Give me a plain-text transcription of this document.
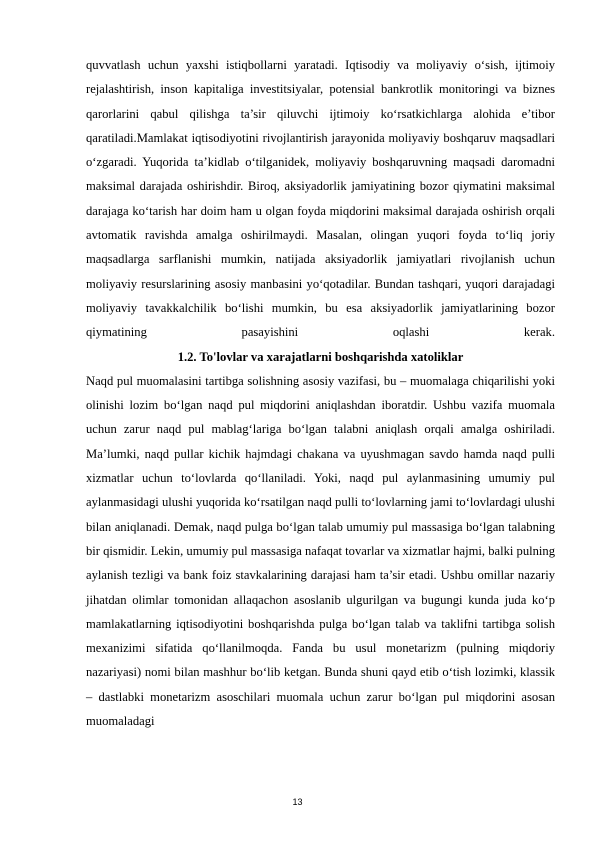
quvvatlash uchun yaxshi istiqbollarni yaratadi. Iqtisodiy va moliyaviy o‘sish, ijtimoiy rejalashtirish, inson kapitaliga investitsiyalar, potensial bankrotlik monitoringi va biznes qarorlarini qabul qilishga ta’sir qiluvchi ijtimoiy ko‘rsatkichlarga alohida e’tibor qaratiladi.Mamlakat iqtisodiyotini rivojlantirish jarayonida moliyaviy boshqaruv maqsadlari o‘zgaradi. Yuqorida ta’kidlab o‘tilganidek, moliyaviy boshqaruvning maqsadi daromadni maksimal darajada oshirishdir. Biroq, aksiyadorlik jamiyatining bozor qiymatini maksimal darajaga ko‘tarish har doim ham u olgan foyda miqdorini maksimal darajada oshirish orqali avtomatik ravishda amalga oshirilmaydi. Masalan, olingan yuqori foyda to‘liq joriy maqsadlarga sarflanishi mumkin, natijada aksiyadorlik jamiyatlari rivojlanish uchun moliyaviy resurslarining asosiy manbasini yo‘qotadilar. Bundan tashqari, yuqori darajadagi moliyaviy tavakkalchilik bo‘lishi mumkin, bu esa aksiyadorlik jamiyatlarining bozor qiymatining pasayishini oqlashi kerak.

1.2. To'lovlar va xarajatlarni boshqarishda xatoliklar

Naqd pul muomalasini tartibga solishning asosiy vazifasi, bu – muomalaga chiqarilishi yoki olinishi lozim bo‘lgan naqd pul miqdorini aniqlashdan iboratdir. Ushbu vazifa muomala uchun zarur naqd pul mablag‘lariga bo‘lgan talabni aniqlash orqali amalga oshiriladi. Ma’lumki, naqd pullar kichik hajmdagi chakana va uyushmagan savdo hamda naqd pulli xizmatlar uchun to‘lovlarda qo‘llaniladi. Yoki, naqd pul aylanmasining umumiy pul aylanmasidagi ulushi yuqorida ko‘rsatilgan naqd pulli to‘lovlarning jami to‘lovlardagi ulushi bilan aniqlanadi. Demak, naqd pulga bo‘lgan talab umumiy pul massasiga bo‘lgan talabning bir qismidir. Lekin, umumiy pul massasiga nafaqat tovarlar va xizmatlar hajmi, balki pulning aylanish tezligi va bank foiz stavkalarining darajasi ham ta’sir etadi. Ushbu omillar nazariy jihatdan olimlar tomonidan allaqachon asoslanib ulgurilgan va bugungi kunda juda ko‘p mamlakatlarning iqtisodiyotini boshqarishda pulga bo‘lgan talab va taklifni tartibga solish mexanizimi sifatida qo‘llanilmoqda. Fanda bu usul monetarizm (pulning miqdoriy nazariyasi) nomi bilan mashhur bo‘lib ketgan. Bunda shuni qayd etib o‘tish lozimki, klassik – dastlabki monetarizm asoschilari muomala uchun zarur bo‘lgan pul miqdorini asosan muomaladagi

13
